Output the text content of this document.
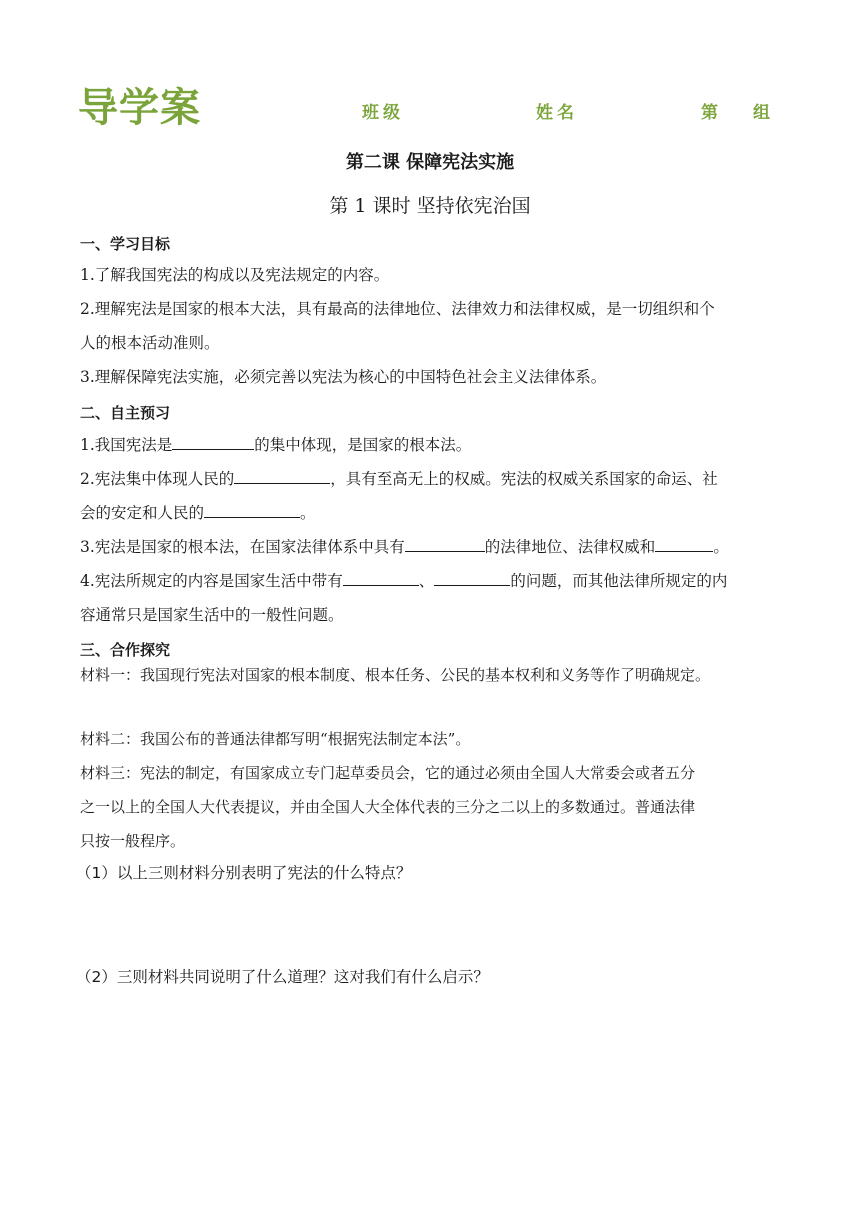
导学案	班级	姓名	第 组
第二课 保障宪法实施
第 1 课时 坚持依宪治国
一、学习目标
1.了解我国宪法的构成以及宪法规定的内容。
2.理解宪法是国家的根本大法，具有最高的法律地位、法律效力和法律权威，是一切组织和个
人的根本活动准则。
3.理解保障宪法实施，必须完善以宪法为核心的中国特色社会主义法律体系。
二、自主预习
1.我国宪法是	的集中体现，是国家的根本法。
2.宪法集中体现人民的	，具有至高无上的权威。宪法的权威关系国家的命运、社
会的安定和人民的	。
3.宪法是国家的根本法，在国家法律体系中具有	的法律地位、法律权威和	。
4.宪法所规定的内容是国家生活中带有	、	的问题，而其他法律所规定的内
容通常只是国家生活中的一般性问题。
三、合作探究
材料一：我国现行宪法对国家的根本制度、根本任务、公民的基本权利和义务等作了明确规定。
材料二：我国公布的普通法律都写明“根据宪法制定本法”。
材料三：宪法的制定，有国家成立专门起草委员会，它的通过必须由全国人大常委会或者五分
之一以上的全国人大代表提议，并由全国人大全体代表的三分之二以上的多数通过。普通法律
只按一般程序。
（1）以上三则材料分别表明了宪法的什么特点？
（2）三则材料共同说明了什么道理？这对我们有什么启示？
